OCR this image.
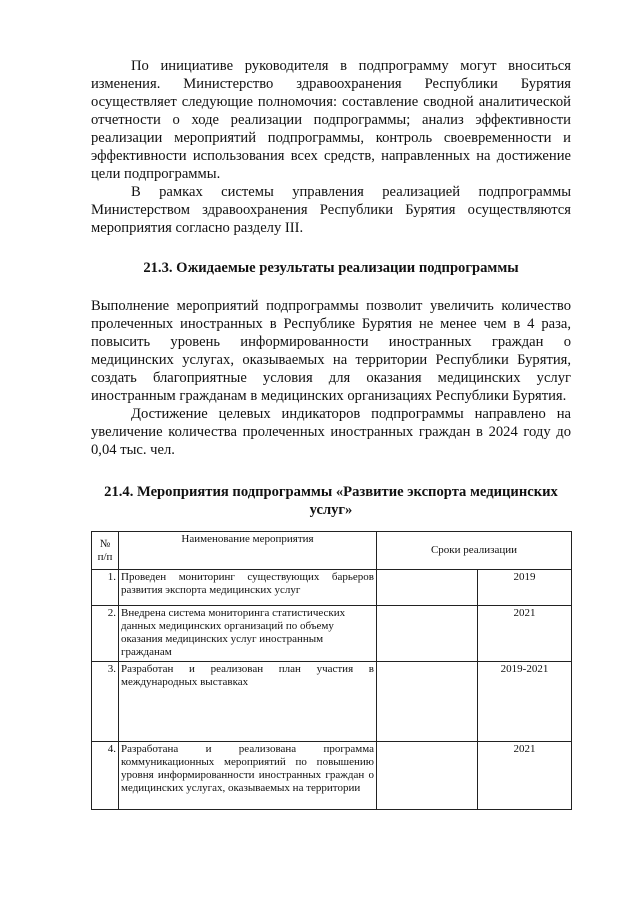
По инициативе руководителя в подпрограмму могут вноситься изменения. Министерство здравоохранения Республики Бурятия осуществляет следующие полномочия: составление сводной аналитической отчетности о ходе реализации подпрограммы; анализ эффективности реализации мероприятий подпрограммы, контроль своевременности и эффективности использования всех средств, направленных на достижение цели подпрограммы.

В рамках системы управления реализацией подпрограммы Министерством здравоохранения Республики Бурятия осуществляются мероприятия согласно разделу III.

21.3. Ожидаемые результаты реализации подпрограммы

Выполнение мероприятий подпрограммы позволит увеличить количество пролеченных иностранных в Республике Бурятия не менее чем в 4 раза, повысить уровень информированности иностранных граждан о медицинских услугах, оказываемых на территории Республики Бурятия, создать благоприятные условия для оказания медицинских услуг иностранным гражданам в медицинских организациях Республики Бурятия.

Достижение целевых индикаторов подпрограммы направлено на увеличение количества пролеченных иностранных граждан в 2024 году до 0,04 тыс. чел.

21.4. Мероприятия подпрограммы «Развитие экспорта медицинских услуг»
№ п/п	Наименование мероприятия	Сроки реализации	
1.	Проведен мониторинг существующих барьеров развития экспорта медицинских услуг		2019
2.	Внедрена система мониторинга статистических данных медицинских организаций по объему оказания медицинских услуг иностранным гражданам		2021
3.	Разработан и реализован план участия в международных выставках		2019-2021
4.	Разработана и реализована программа коммуникационных мероприятий по повышению уровня информированности иностранных граждан о медицинских услугах, оказываемых на территории		2021
